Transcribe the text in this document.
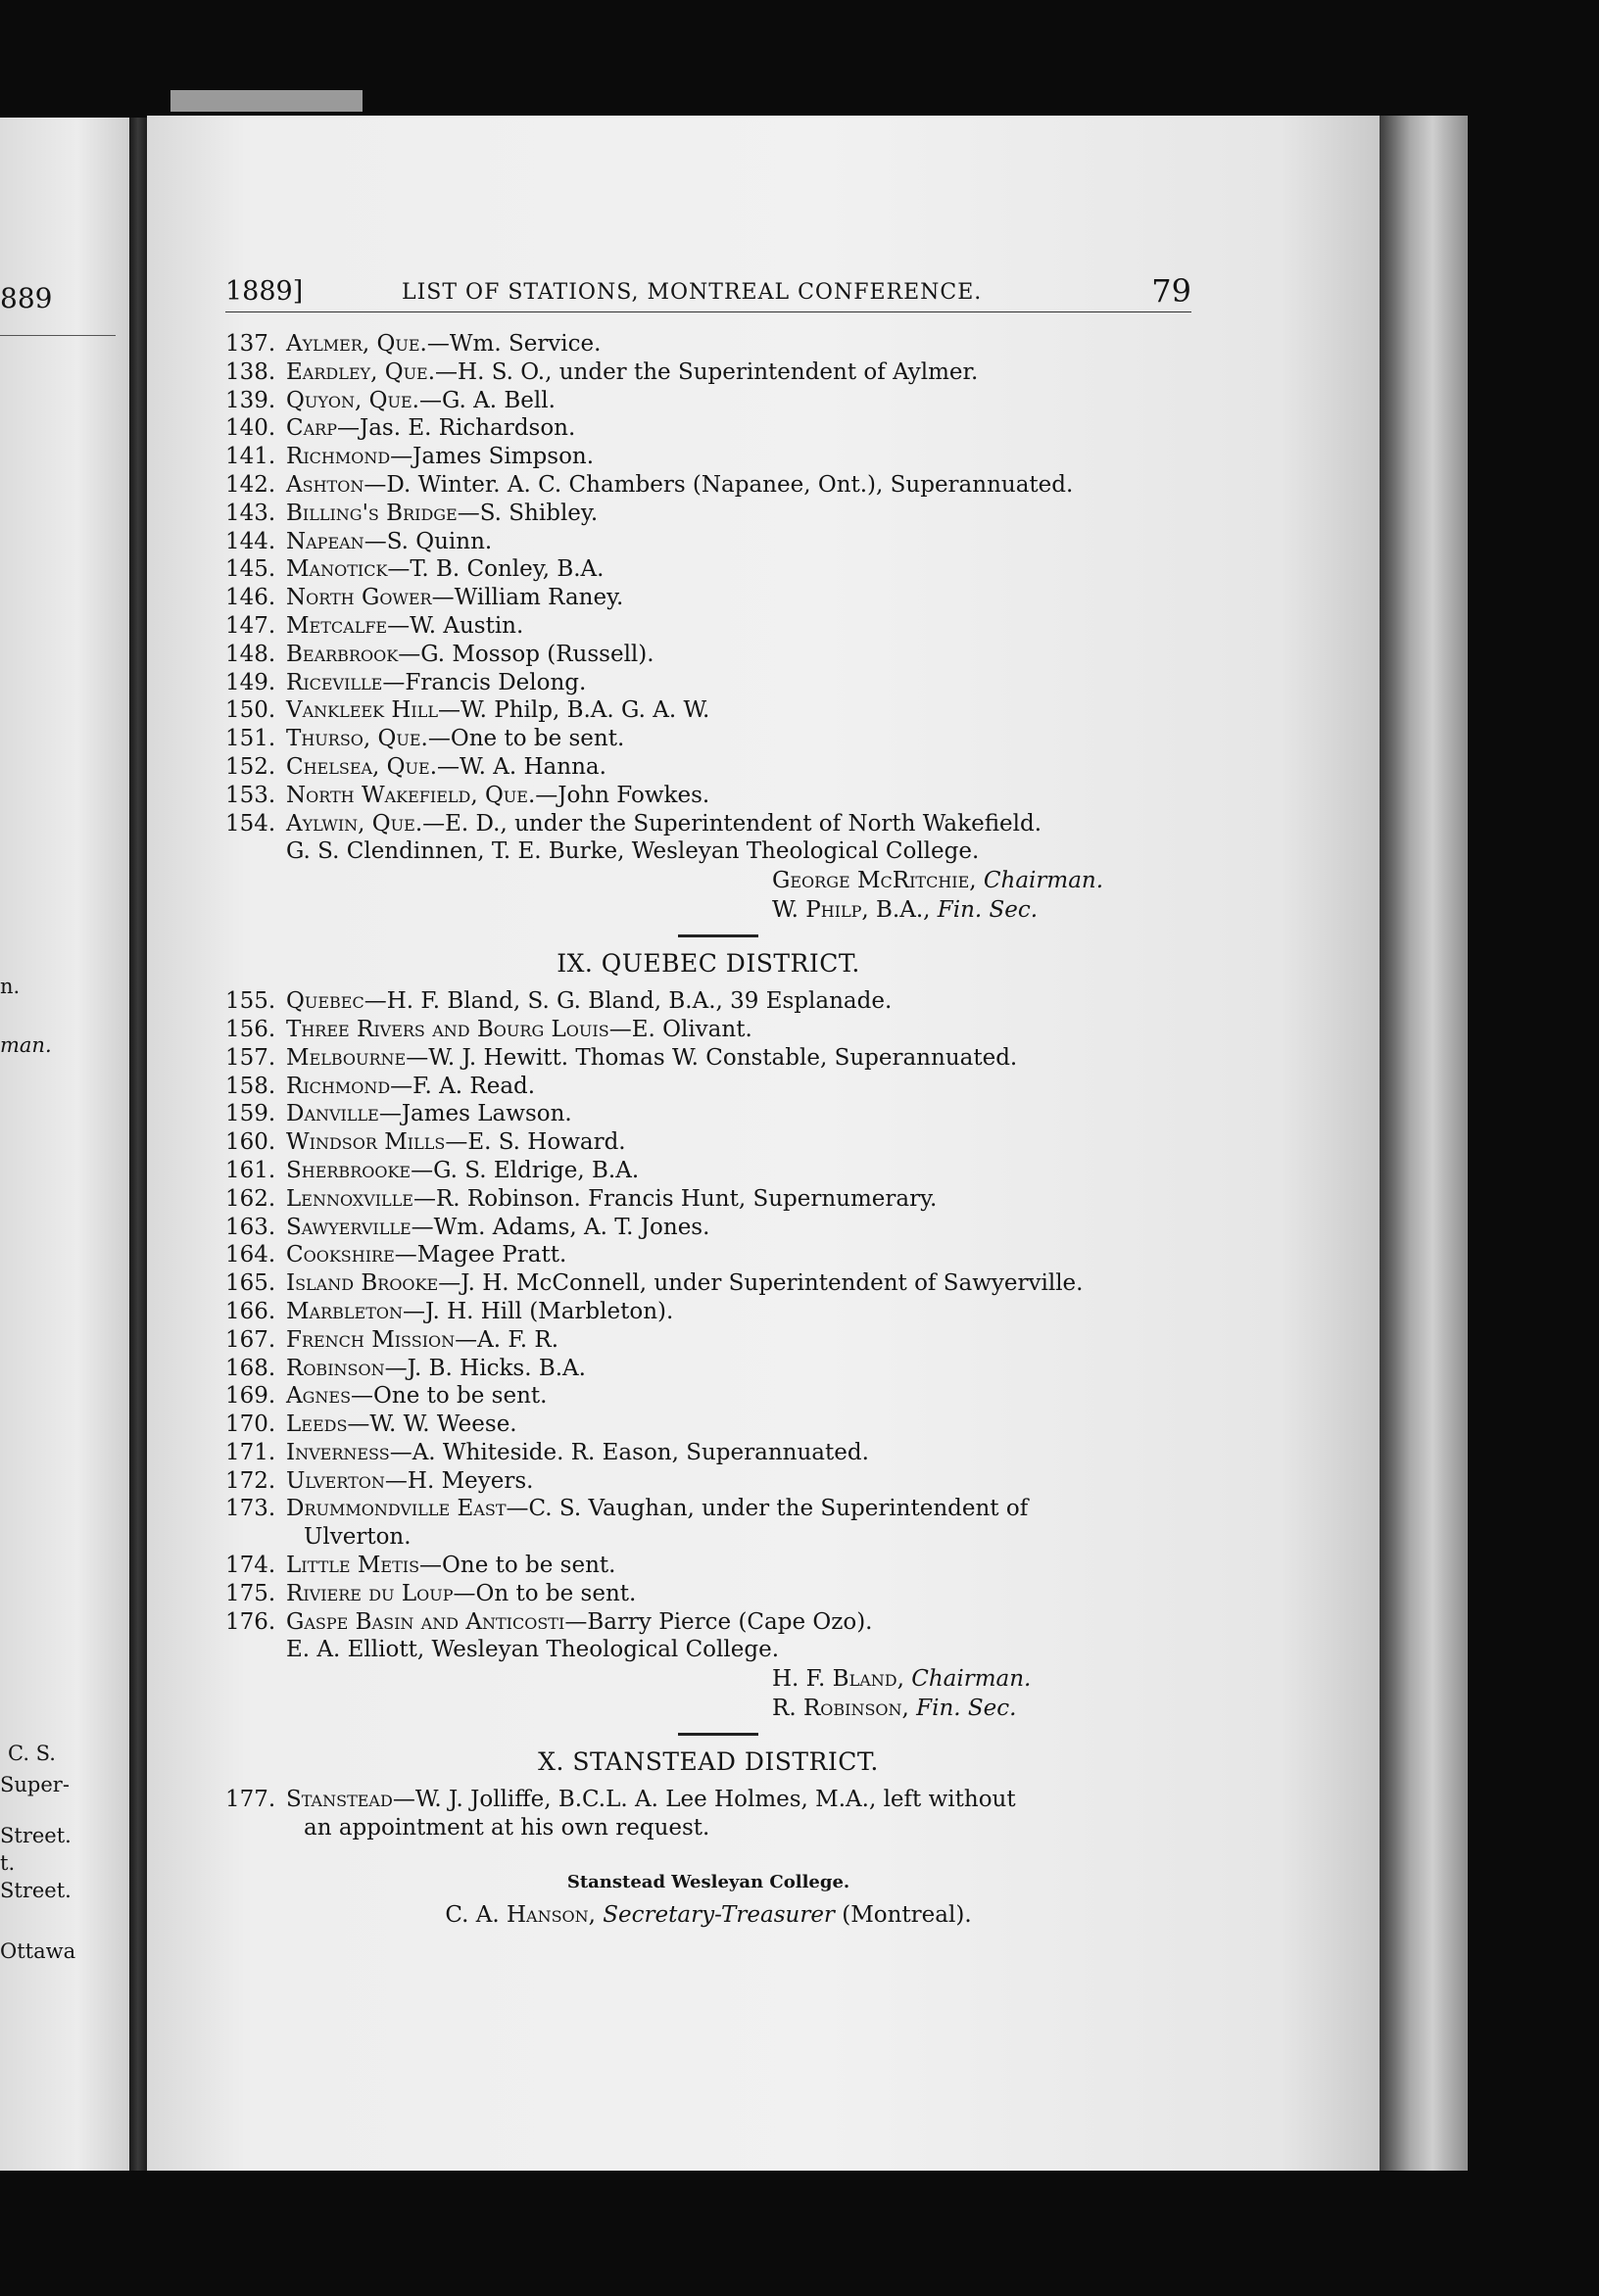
889
n.
man.
C. S.
Super-
Street.
t.
Street.
Ottawa
1889]	LIST OF STATIONS, MONTREAL CONFERENCE.	79
137. Aylmer, Que.—Wm. Service.
138. Eardley, Que.—H. S. O., under the Superintendent of Aylmer.
139. Quyon, Que.—G. A. Bell.
140. Carp—Jas. E. Richardson.
141. Richmond—James Simpson.
142. Ashton—D. Winter. A. C. Chambers (Napanee, Ont.), Superannuated.
143. Billing's Bridge—S. Shibley.
144. Napean—S. Quinn.
145. Manotick—T. B. Conley, B.A.
146. North Gower—William Raney.
147. Metcalfe—W. Austin.
148. Bearbrook—G. Mossop (Russell).
149. Riceville—Francis Delong.
150. Vankleek Hill—W. Philp, B.A. G. A. W.
151. Thurso, Que.—One to be sent.
152. Chelsea, Que.—W. A. Hanna.
153. North Wakefield, Que.—John Fowkes.
154. Aylwin, Que.—E. D., under the Superintendent of North Wakefield.
G. S. Clendinnen, T. E. Burke, Wesleyan Theological College.
George McRitchie, Chairman.
W. Philp, B.A., Fin. Sec.
IX. QUEBEC DISTRICT.
155. Quebec—H. F. Bland, S. G. Bland, B.A., 39 Esplanade.
156. Three Rivers and Bourg Louis—E. Olivant.
157. Melbourne—W. J. Hewitt. Thomas W. Constable, Superannuated.
158. Richmond—F. A. Read.
159. Danville—James Lawson.
160. Windsor Mills—E. S. Howard.
161. Sherbrooke—G. S. Eldrige, B.A.
162. Lennoxville—R. Robinson. Francis Hunt, Supernumerary.
163. Sawyerville—Wm. Adams, A. T. Jones.
164. Cookshire—Magee Pratt.
165. Island Brooke—J. H. McConnell, under Superintendent of Sawyerville.
166. Marbleton—J. H. Hill (Marbleton).
167. French Mission—A. F. R.
168. Robinson—J. B. Hicks. B.A.
169. Agnes—One to be sent.
170. Leeds—W. W. Weese.
171. Inverness—A. Whiteside. R. Eason, Superannuated.
172. Ulverton—H. Meyers.
173. Drummondville East—C. S. Vaughan, under the Superintendent of
Ulverton.
174. Little Metis—One to be sent.
175. Riviere du Loup—On to be sent.
176. Gaspe Basin and Anticosti—Barry Pierce (Cape Ozo).
E. A. Elliott, Wesleyan Theological College.
H. F. Bland, Chairman.
R. Robinson, Fin. Sec.
X. STANSTEAD DISTRICT.
177. Stanstead—W. J. Jolliffe, B.C.L. A. Lee Holmes, M.A., left without
an appointment at his own request.
Stanstead Wesleyan College.
C. A. Hanson, Secretary-Treasurer (Montreal).
